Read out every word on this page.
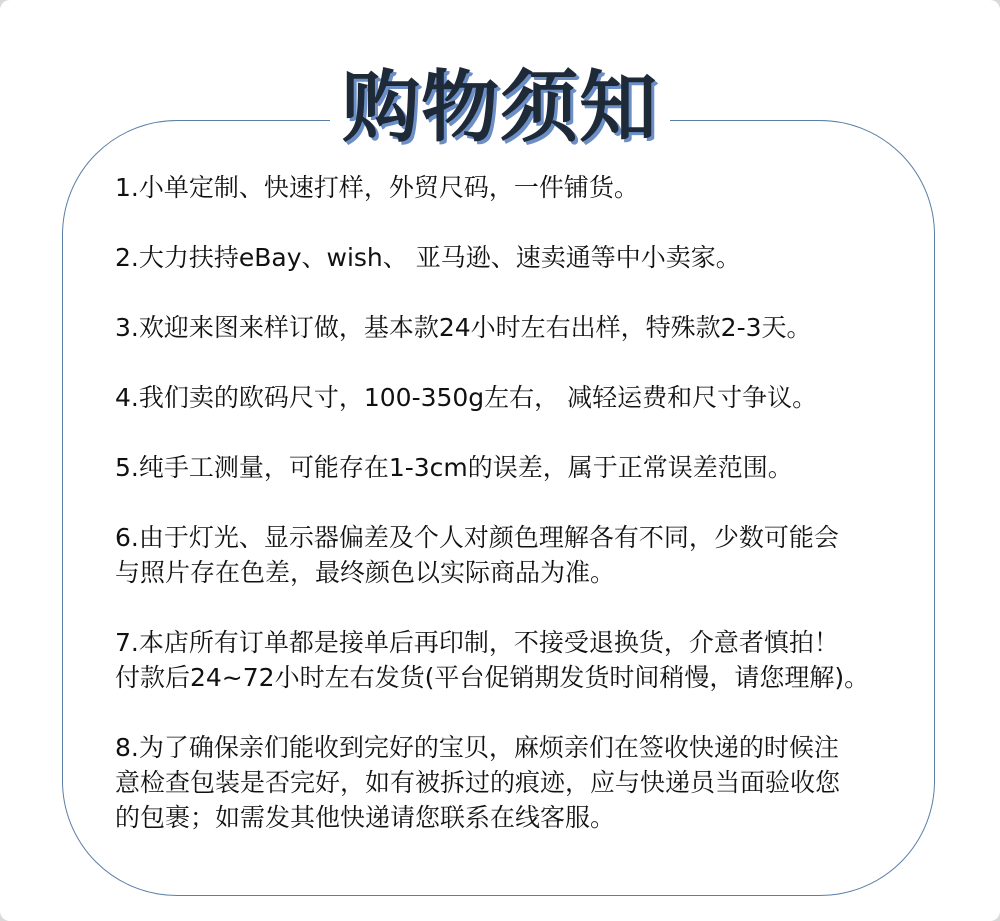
购物须知
1.小单定制、快速打样，外贸尺码，一件铺货。
2.大力扶持eBay、wish、 亚马逊、速卖通等中小卖家。
3.欢迎来图来样订做，基本款24小时左右出样，特殊款2-3天。
4.我们卖的欧码尺寸，100-350g左右， 减轻运费和尺寸争议。
5.纯手工测量，可能存在1-3cm的误差，属于正常误差范围。
6.由于灯光、显示器偏差及个人对颜色理解各有不同，少数可能会
与照片存在色差，最终颜色以实际商品为准。
7.本店所有订单都是接单后再印制，不接受退换货，介意者慎拍！
付款后24~72小时左右发货(平台促销期发货时间稍慢，请您理解)。
8.为了确保亲们能收到完好的宝贝，麻烦亲们在签收快递的时候注
意检查包装是否完好，如有被拆过的痕迹，应与快递员当面验收您
的包裹；如需发其他快递请您联系在线客服。
